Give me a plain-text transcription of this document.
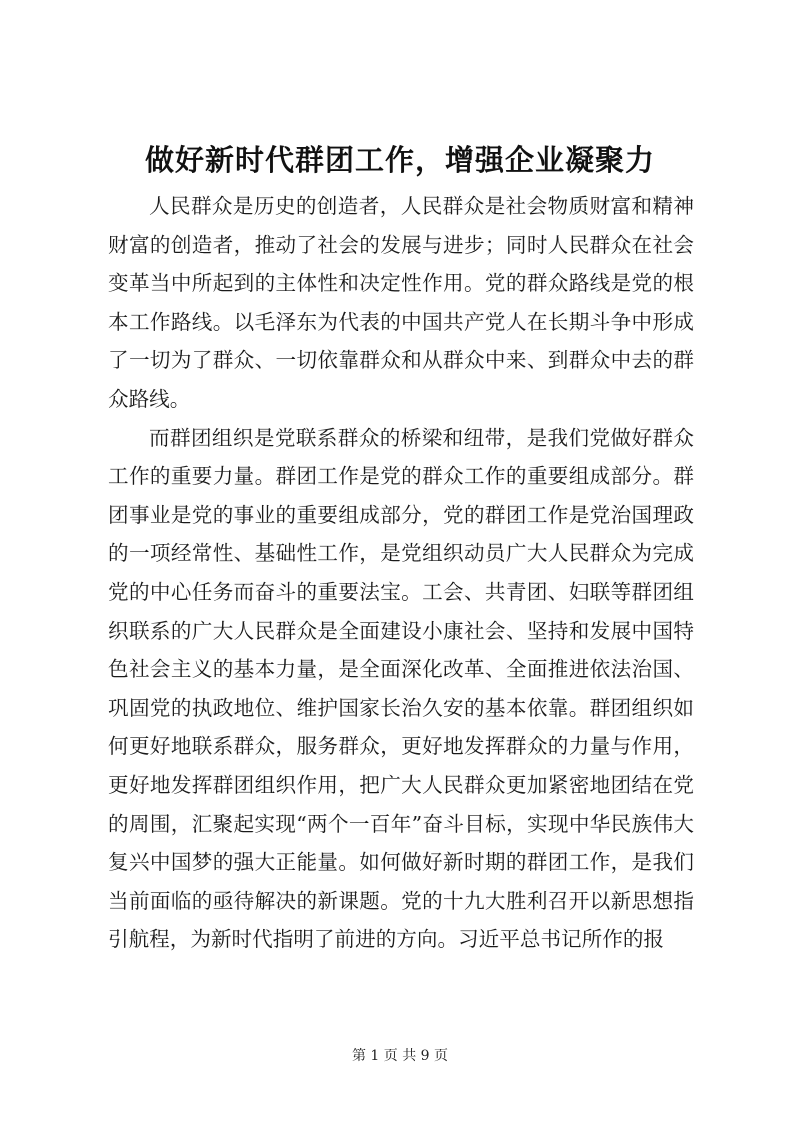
做好新时代群团工作，增强企业凝聚力

人民群众是历史的创造者，人民群众是社会物质财富和精神财富的创造者，推动了社会的发展与进步；同时人民群众在社会变革当中所起到的主体性和决定性作用。党的群众路线是党的根本工作路线。以毛泽东为代表的中国共产党人在长期斗争中形成了一切为了群众、一切依靠群众和从群众中来、到群众中去的群众路线。

而群团组织是党联系群众的桥梁和纽带，是我们党做好群众工作的重要力量。群团工作是党的群众工作的重要组成部分。群团事业是党的事业的重要组成部分，党的群团工作是党治国理政的一项经常性、基础性工作，是党组织动员广大人民群众为完成党的中心任务而奋斗的重要法宝。工会、共青团、妇联等群团组织联系的广大人民群众是全面建设小康社会、坚持和发展中国特色社会主义的基本力量，是全面深化改革、全面推进依法治国、巩固党的执政地位、维护国家长治久安的基本依靠。群团组织如何更好地联系群众，服务群众，更好地发挥群众的力量与作用，更好地发挥群团组织作用，把广大人民群众更加紧密地团结在党的周围，汇聚起实现“两个一百年”奋斗目标，实现中华民族伟大复兴中国梦的强大正能量。如何做好新时期的群团工作，是我们当前面临的亟待解决的新课题。党的十九大胜利召开以新思想指引航程，为新时代指明了前进的方向。习近平总书记所作的报

第 1 页 共 9 页
